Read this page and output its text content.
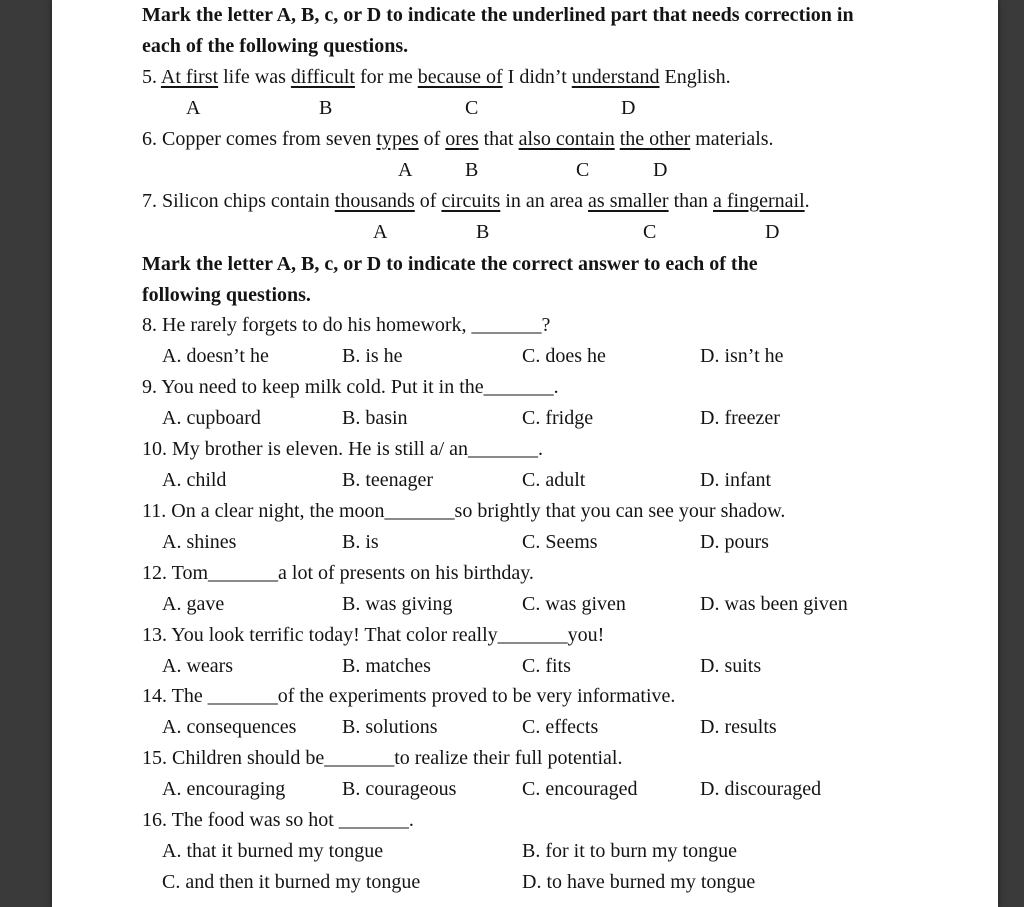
Mark the letter A, B, c, or D to indicate the underlined part that needs correction in
each of the following questions.
5. At first life was difficult for me because of I didn’t understand English.
A	B	C	D
6. Copper comes from seven types of ores that also contain the other materials.
A	B	C	D
7. Silicon chips contain thousands of circuits in an area as smaller than a fingernail.
A	B	C	D
Mark the letter A, B, c, or D to indicate the correct answer to each of the
following questions.
8. He rarely forgets to do his homework, _______?
A. doesn’t he	B. is he	C. does he	D. isn’t he
9. You need to keep milk cold. Put it in the_______.
A. cupboard	B. basin	C. fridge	D. freezer
10. My brother is eleven. He is still a/ an_______.
A. child	B. teenager	C. adult	D. infant
11. On a clear night, the moon_______so brightly that you can see your shadow.
A. shines	B. is	C. Seems	D. pours
12. Tom_______a lot of presents on his birthday.
A. gave	B. was giving	C. was given	D. was been given
13. You look terrific today! That color really_______you!
A. wears	B. matches	C. fits	D. suits
14. The _______of the experiments proved to be very informative.
A. consequences B. solutions	C. effects	D. results
15. Children should be_______to realize their full potential.
A. encouraging	B. courageous	C. encouraged	D. discouraged
16. The food was so hot _______.
A. that it burned my tongue	B. for it to burn my tongue
C. and then it burned my tongue	D. to have burned my tongue
